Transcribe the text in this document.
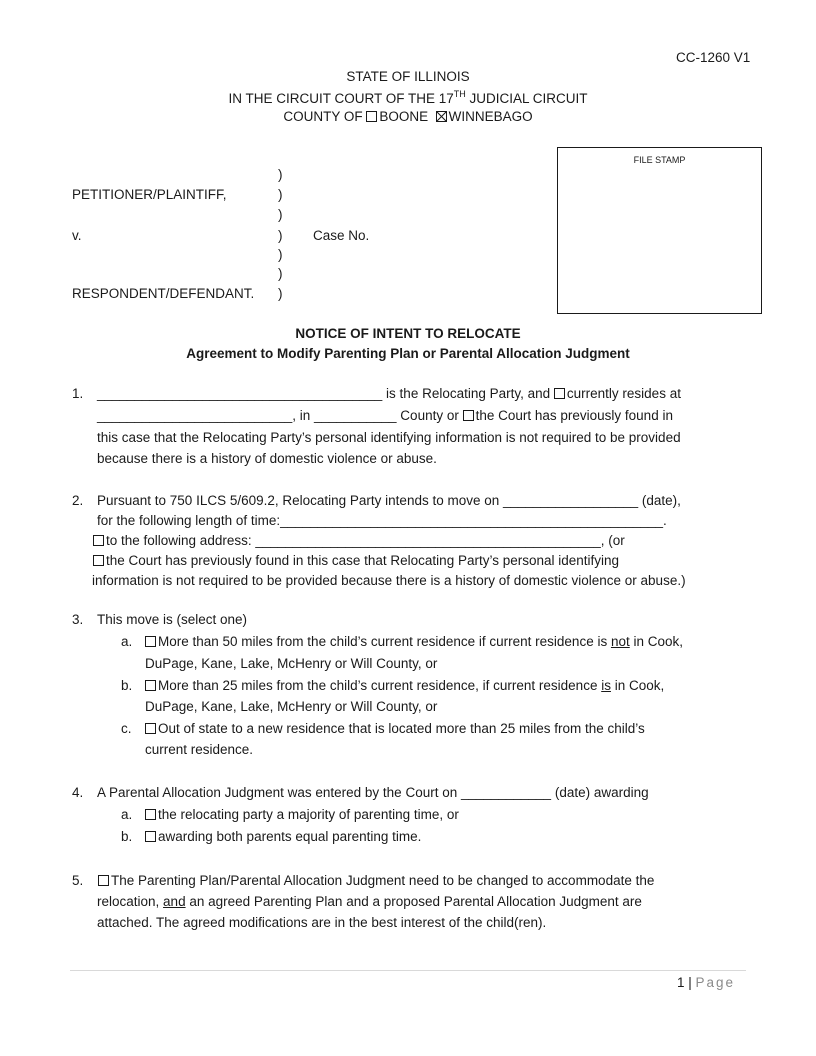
CC-1260 V1
STATE OF ILLINOIS
IN THE CIRCUIT COURT OF THE 17TH JUDICIAL CIRCUIT
COUNTY OF BOONE WINNEBAGO
PETITIONER/PLAINTIFF,
v.
RESPONDENT/DEFENDANT.
)
)
)
)
)
)
)
Case No.
FILE STAMP
NOTICE OF INTENT TO RELOCATE
Agreement to Modify Parenting Plan or Parental Allocation Judgment
1. ______________________________________ is the Relocating Party, and currently resides at
__________________________, in ___________ County or the Court has previously found in
this case that the Relocating Party’s personal identifying information is not required to be provided
because there is a history of domestic violence or abuse.
2. Pursuant to 750 ILCS 5/609.2, Relocating Party intends to move on __________________ (date),
for the following length of time:___________________________________________________.
to the following address: ______________________________________________, (or
the Court has previously found in this case that Relocating Party’s personal identifying
information is not required to be provided because there is a history of domestic violence or abuse.)
3. This move is (select one)
a.	More than 50 miles from the child’s current residence if current residence is not in Cook,
DuPage, Kane, Lake, McHenry or Will County, or
b.	More than 25 miles from the child’s current residence, if current residence is in Cook,
DuPage, Kane, Lake, McHenry or Will County, or
c.	Out of state to a new residence that is located more than 25 miles from the child’s
current residence.
4. A Parental Allocation Judgment was entered by the Court on ____________ (date) awarding
a.	the relocating party a majority of parenting time, or
b.	awarding both parents equal parenting time.
5.	The Parenting Plan/Parental Allocation Judgment need to be changed to accommodate the
relocation, and an agreed Parenting Plan and a proposed Parental Allocation Judgment are
attached. The agreed modifications are in the best interest of the child(ren).
1 | Page
